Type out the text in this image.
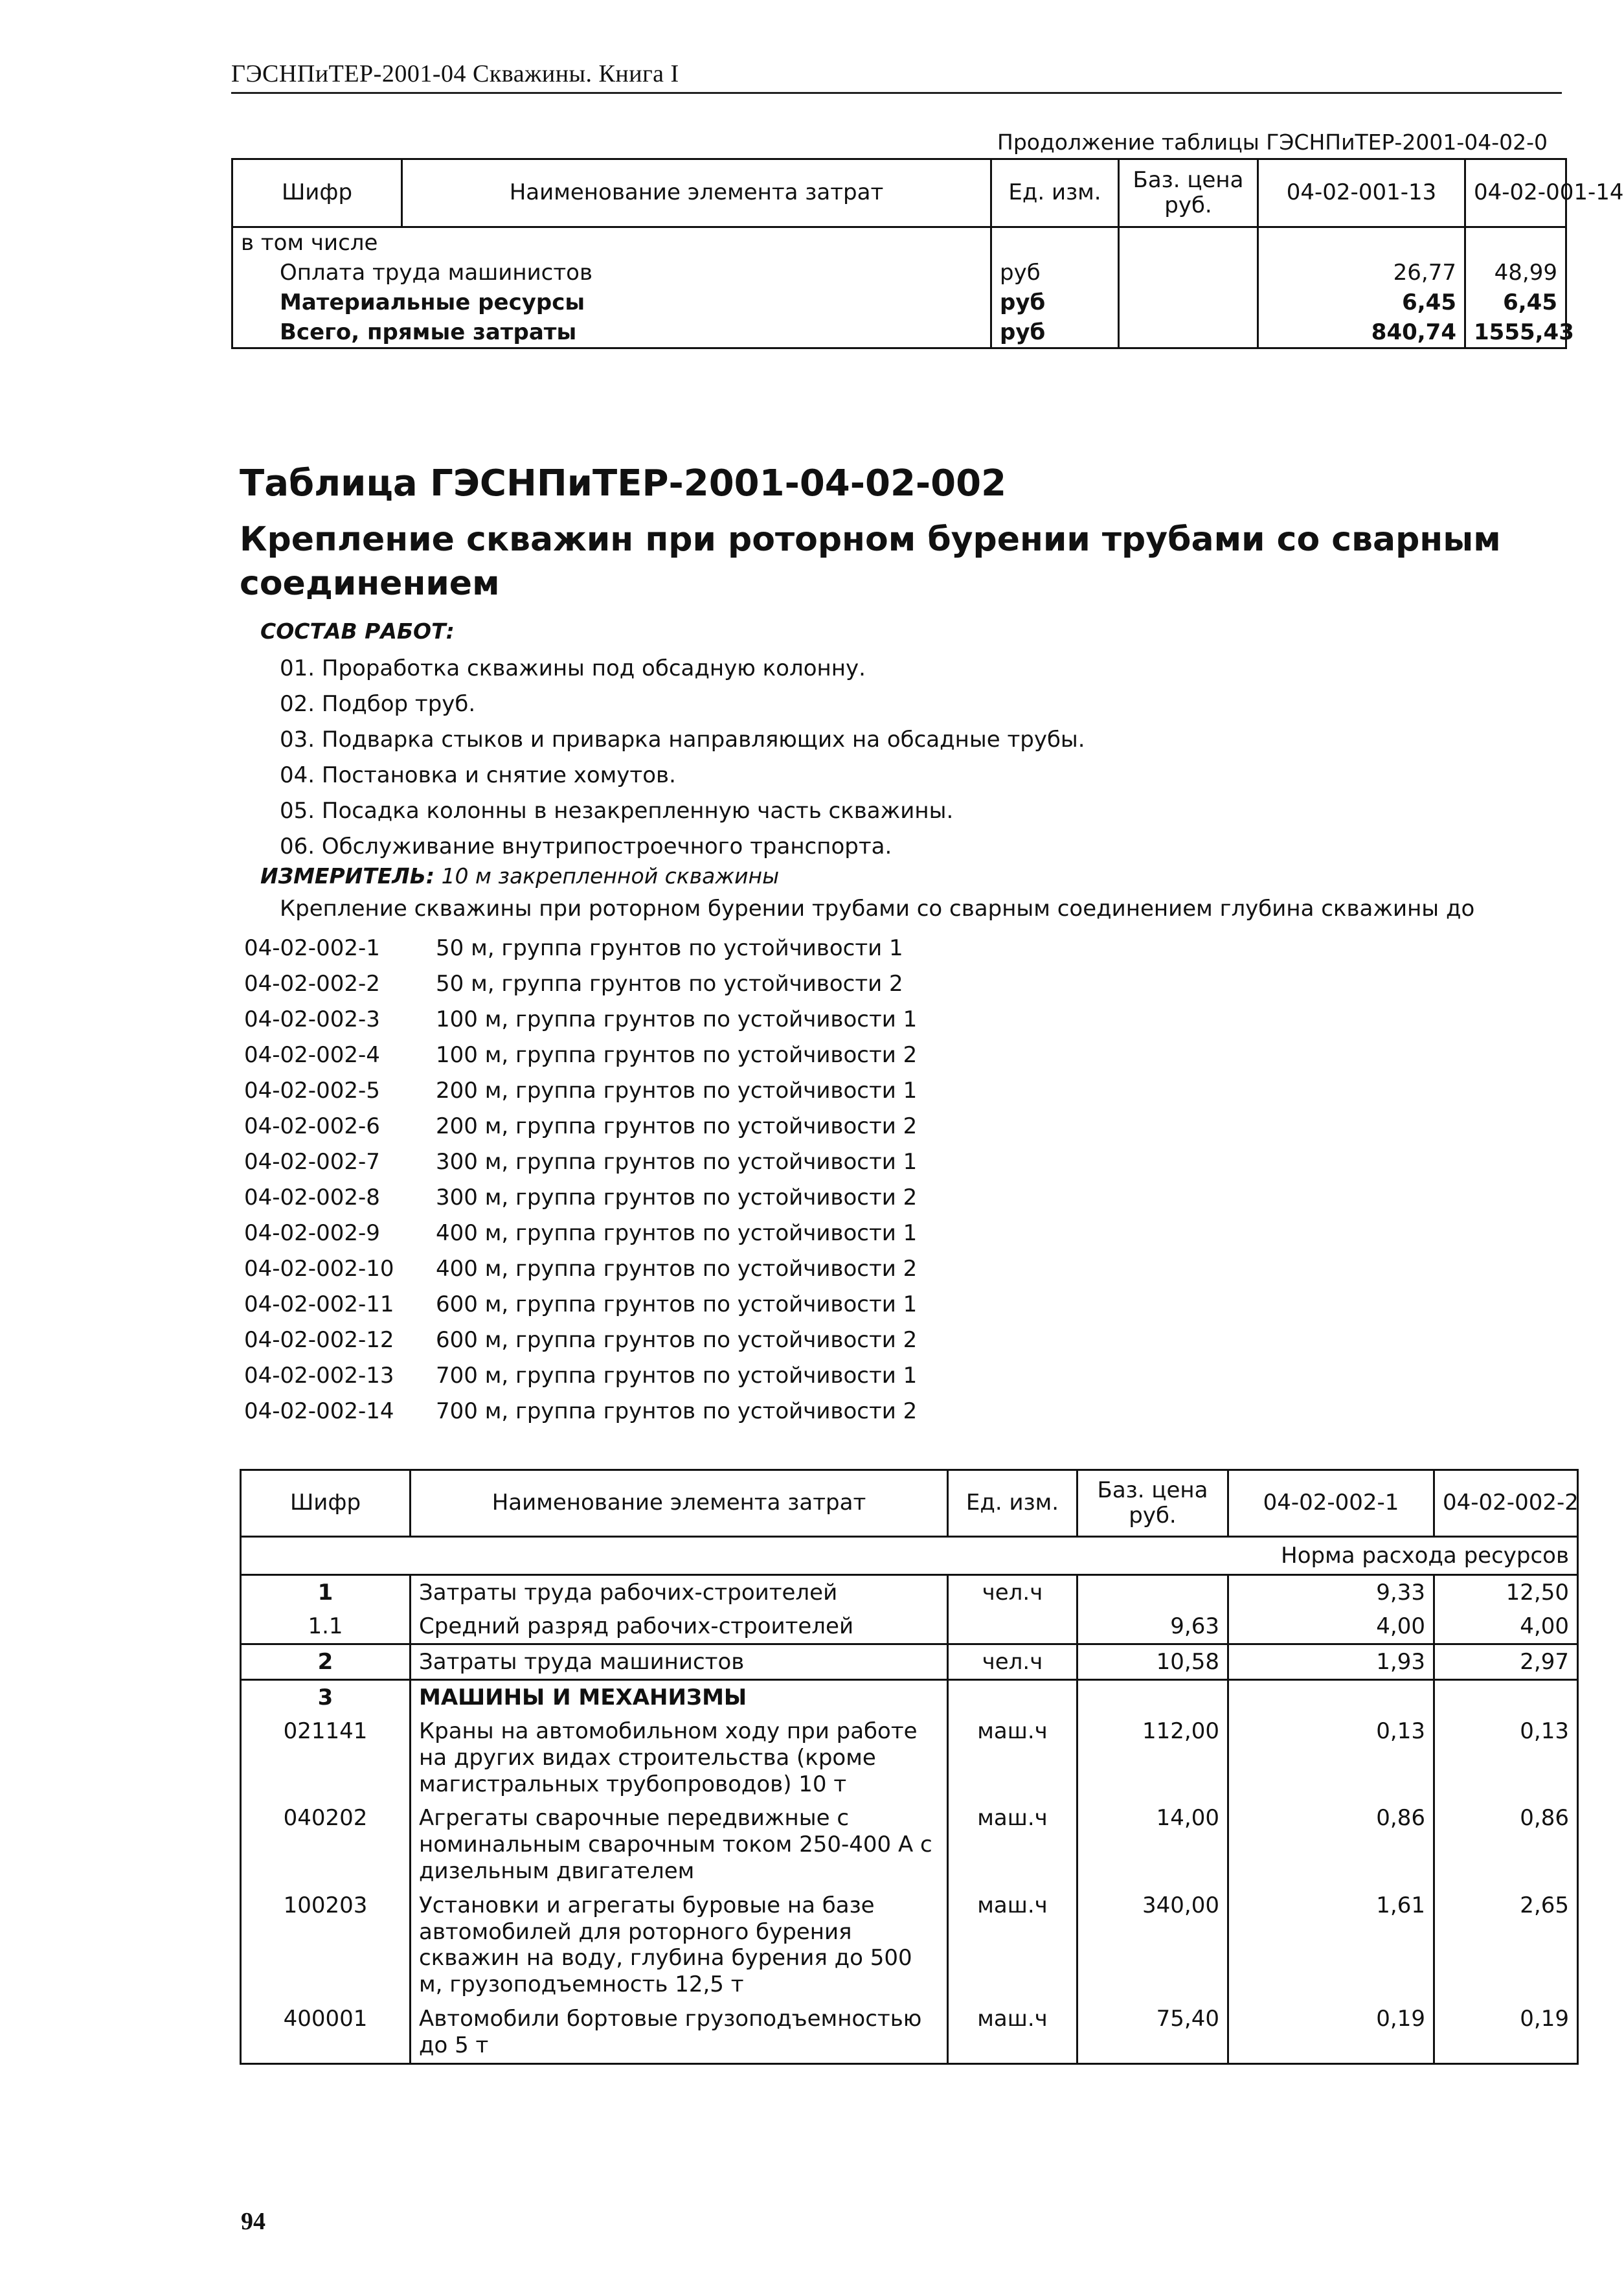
ГЭСНПиТЕР-2001-04 Скважины. Книга I
Продолжение таблицы ГЭСНПиТЕР-2001-04-02-0
Шифр	Наименование элемента затрат	Ед. изм.	Баз. цена руб.	04-02-001-13	04-02-001-14
в том числе					
Оплата труда машинистов		руб		26,77	48,99
Материальные ресурсы		руб		6,45	6,45
Всего, прямые затраты		руб		840,74	1555,43
Таблица ГЭСНПиТЕР-2001-04-02-002
Крепление скважин при роторном бурении трубами со сварным соединением
СОСТАВ РАБОТ:
01. Проработка скважины под обсадную колонну.
02. Подбор труб.
03. Подварка стыков и приварка направляющих на обсадные трубы.
04. Постановка и снятие хомутов.
05. Посадка колонны в незакрепленную часть скважины.
06. Обслуживание внутрипостроечного транспорта.
ИЗМЕРИТЕЛЬ: 10 м закрепленной скважины
Крепление скважины при роторном бурении трубами со сварным соединением глубина скважины до
04-02-002-1	50 м, группа грунтов по устойчивости 1
04-02-002-2	50 м, группа грунтов по устойчивости 2
04-02-002-3	100 м, группа грунтов по устойчивости 1
04-02-002-4	100 м, группа грунтов по устойчивости 2
04-02-002-5	200 м, группа грунтов по устойчивости 1
04-02-002-6	200 м, группа грунтов по устойчивости 2
04-02-002-7	300 м, группа грунтов по устойчивости 1
04-02-002-8	300 м, группа грунтов по устойчивости 2
04-02-002-9	400 м, группа грунтов по устойчивости 1
04-02-002-10	400 м, группа грунтов по устойчивости 2
04-02-002-11	600 м, группа грунтов по устойчивости 1
04-02-002-12	600 м, группа грунтов по устойчивости 2
04-02-002-13	700 м, группа грунтов по устойчивости 1
04-02-002-14	700 м, группа грунтов по устойчивости 2
Шифр	Наименование элемента затрат	Ед. изм.	Баз. цена руб.	04-02-002-1	04-02-002-2
Норма расхода ресурсов					
1	Затраты труда рабочих-строителей	чел.ч		9,33	12,50
1.1	Средний разряд рабочих-строителей		9,63	4,00	4,00
2	Затраты труда машинистов	чел.ч	10,58	1,93	2,97
3	МАШИНЫ И МЕХАНИЗМЫ				
021141	Краны на автомобильном ходу при работе на других видах строительства (кроме магистральных трубопроводов) 10 т	маш.ч	112,00	0,13	0,13
040202	Агрегаты сварочные передвижные с номинальным сварочным током 250-400 А с дизельным двигателем	маш.ч	14,00	0,86	0,86
100203	Установки и агрегаты буровые на базе автомобилей для роторного бурения скважин на воду, глубина бурения до 500 м, грузоподъемность 12,5 т	маш.ч	340,00	1,61	2,65
400001	Автомобили бортовые грузоподъемностью до 5 т	маш.ч	75,40	0,19	0,19
94
